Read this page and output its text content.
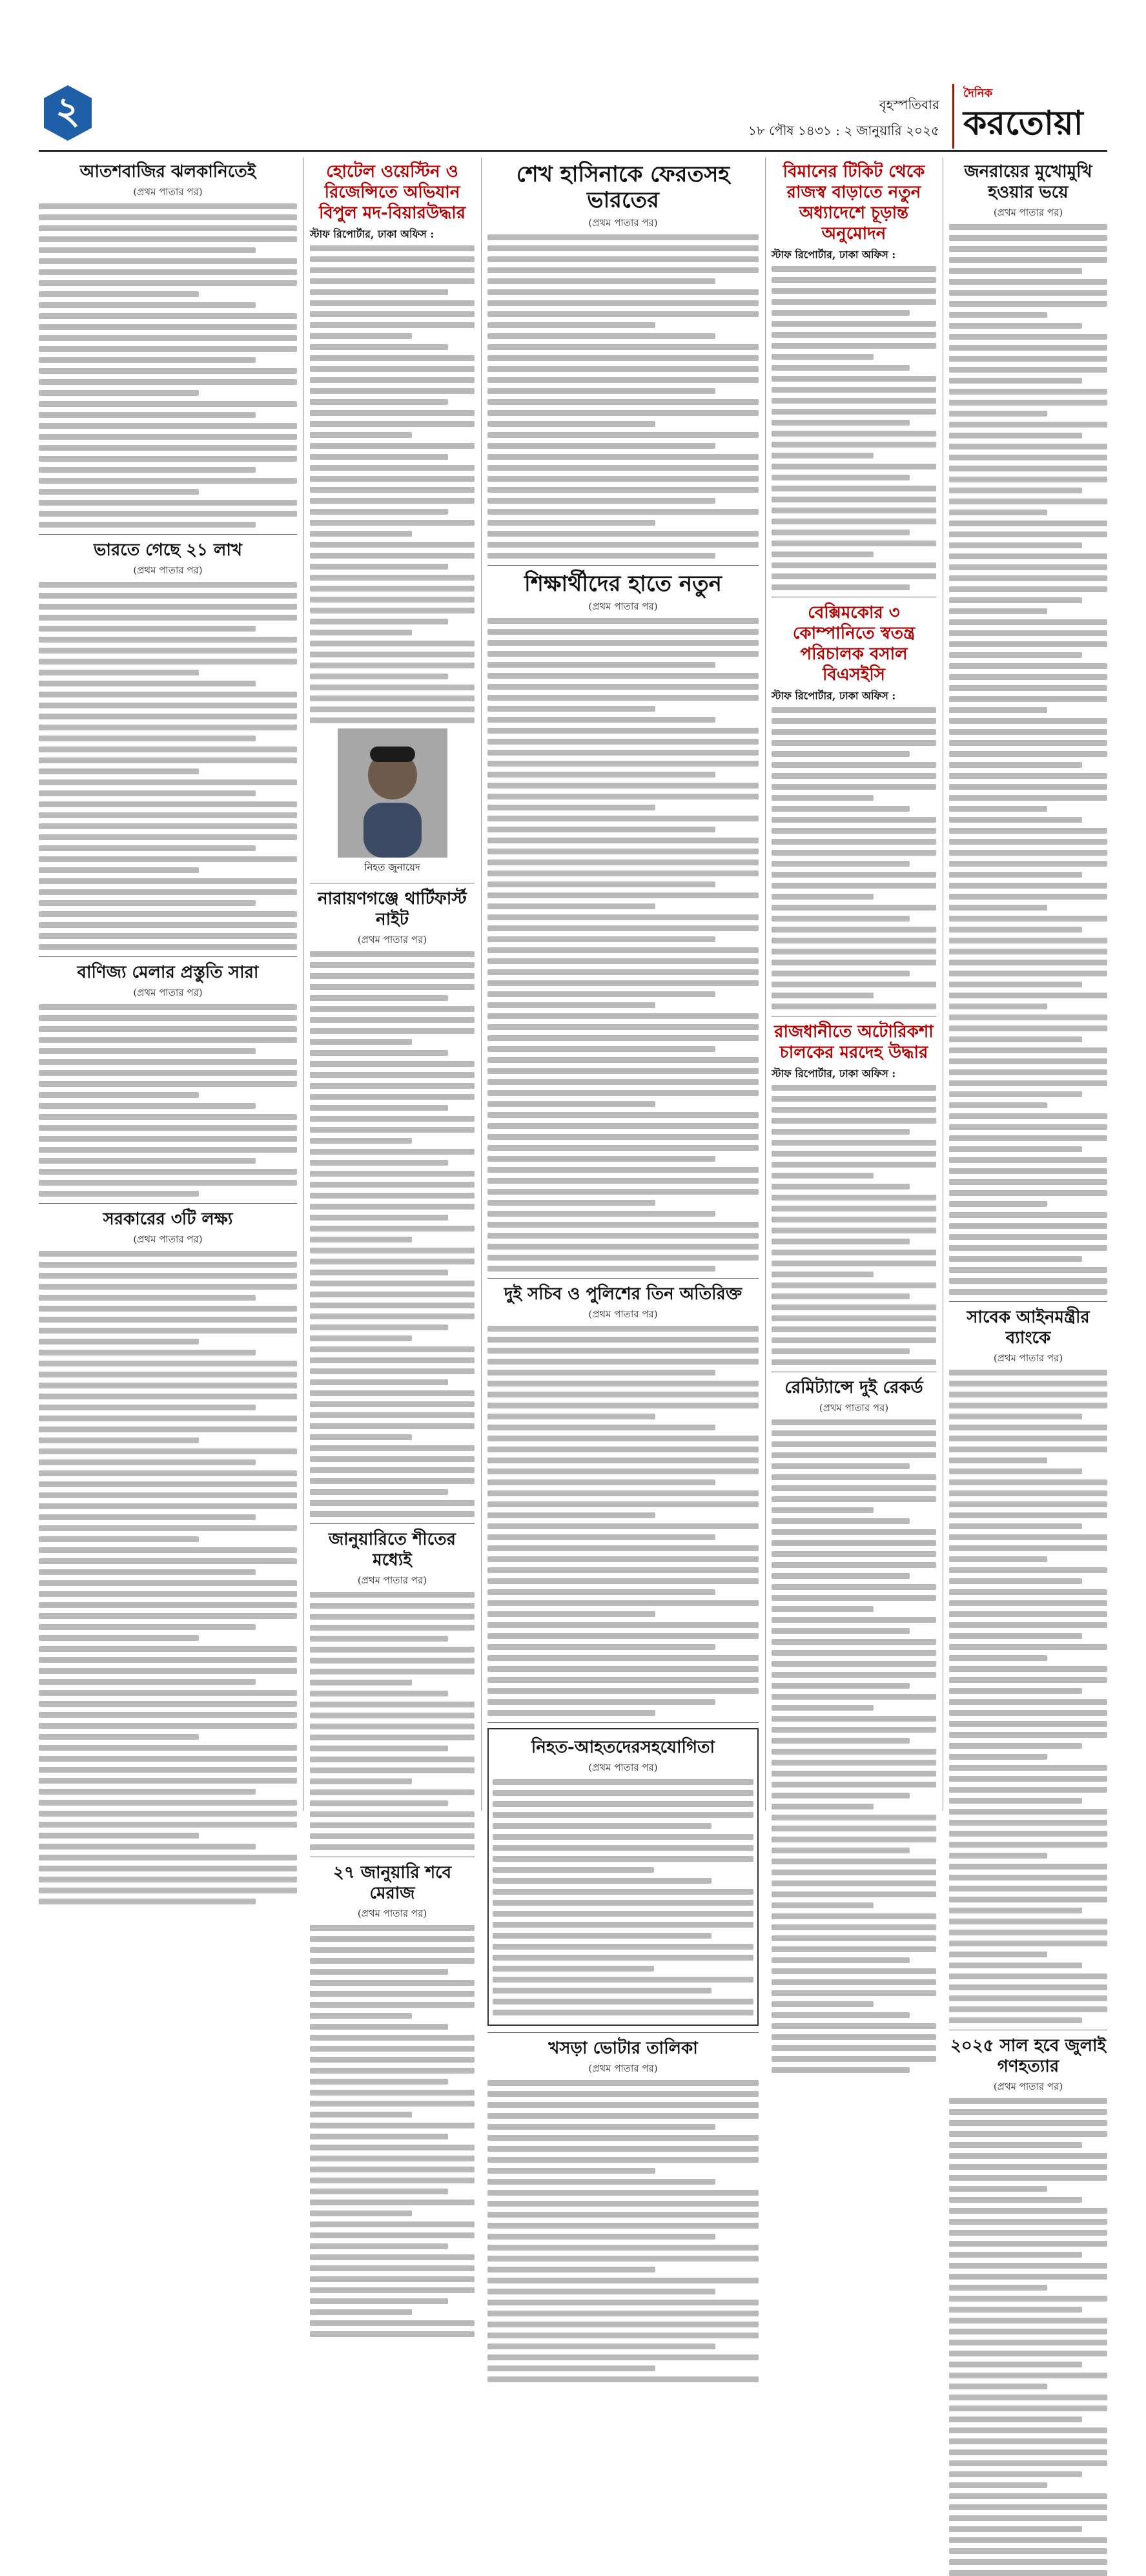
২	বৃহস্পতিবার
১৮ পৌষ ১৪৩১ : ২ জানুয়ারি ২০২৫
দৈনিক
করতোয়া
আতশবাজির ঝলকানিতেই
(প্রথম পাতার পর)
ভারতে গেছে ২১ লাখ
(প্রথম পাতার পর)
বাণিজ্য মেলার প্রস্তুতি সারা
(প্রথম পাতার পর)
সরকারের ৩টি লক্ষ্য
(প্রথম পাতার পর)
হোটেল ওয়েস্টিন ও রিজেন্সিতে অভিযান বিপুল মদ-বিয়ারউদ্ধার
স্টাফ রিপোর্টার, ঢাকা অফিস :
নিহত জুনায়েদ
নারায়ণগঞ্জে থার্টিফার্স্ট নাইট
(প্রথম পাতার পর)
জানুয়ারিতে শীতের মধ্যেই
(প্রথম পাতার পর)
২৭ জানুয়ারি শবে মেরাজ
(প্রথম পাতার পর)
শেখ হাসিনাকে ফেরতসহ ভারতের
(প্রথম পাতার পর)
শিক্ষার্থীদের হাতে নতুন
(প্রথম পাতার পর)
দুই সচিব ও পুলিশের তিন অতিরিক্ত
(প্রথম পাতার পর)
নিহত-আহতদেরসহযোগিতা
(প্রথম পাতার পর)
খসড়া ভোটার তালিকা
(প্রথম পাতার পর)
বিমানের টিকিট থেকে রাজস্ব বাড়াতে নতুন অধ্যাদেশে চূড়ান্ত অনুমোদন
স্টাফ রিপোর্টার, ঢাকা অফিস :
বেক্সিমকোর ৩ কোম্পানিতে স্বতন্ত্র পরিচালক বসাল বিএসইসি
স্টাফ রিপোর্টার, ঢাকা অফিস :
রাজধানীতে অটোরিকশা চালকের মরদেহ উদ্ধার
স্টাফ রিপোর্টার, ঢাকা অফিস :
রেমিট্যান্সে দুই রেকর্ড
(প্রথম পাতার পর)
জনরায়ের মুখোমুখি হওয়ার ভয়ে
(প্রথম পাতার পর)
সাবেক আইনমন্ত্রীর ব্যাংকে
(প্রথম পাতার পর)
২০২৫ সাল হবে জুলাই গণহত্যার
(প্রথম পাতার পর)
